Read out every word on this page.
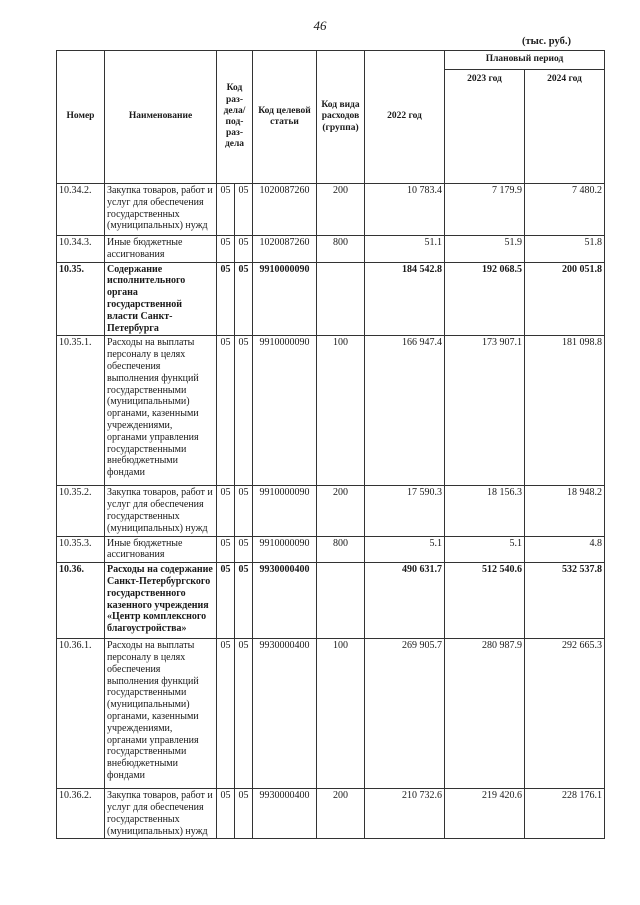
46
(тыс. руб.)
Номер	Наименование	Код раз-дела/ под-раз-дела		Код целевой статьи	Код вида расходов (группа)	2022 год	Плановый период	
							2023 год	2024 год
10.34.2.	Закупка товаров, работ и услуг для обеспечения государственных (муниципальных) нужд	05	05	1020087260	200	10 783.4	7 179.9	7 480.2
10.34.3.	Иные бюджетные ассигнования	05	05	1020087260	800	51.1	51.9	51.8
10.35.	Содержание исполнительного органа государственной власти Санкт-Петербурга	05	05	9910000090		184 542.8	192 068.5	200 051.8
10.35.1.	Расходы на выплаты персоналу в целях обеспечения выполнения функций государственными (муниципальными) органами, казенными учреждениями, органами управления государственными внебюджетными фондами	05	05	9910000090	100	166 947.4	173 907.1	181 098.8
10.35.2.	Закупка товаров, работ и услуг для обеспечения государственных (муниципальных) нужд	05	05	9910000090	200	17 590.3	18 156.3	18 948.2
10.35.3.	Иные бюджетные ассигнования	05	05	9910000090	800	5.1	5.1	4.8
10.36.	Расходы на содержание Санкт-Петербургского государственного казенного учреждения «Центр комплексного благоустройства»	05	05	9930000400		490 631.7	512 540.6	532 537.8
10.36.1.	Расходы на выплаты персоналу в целях обеспечения выполнения функций государственными (муниципальными) органами, казенными учреждениями, органами управления государственными внебюджетными фондами	05	05	9930000400	100	269 905.7	280 987.9	292 665.3
10.36.2.	Закупка товаров, работ и услуг для обеспечения государственных (муниципальных) нужд	05	05	9930000400	200	210 732.6	219 420.6	228 176.1
